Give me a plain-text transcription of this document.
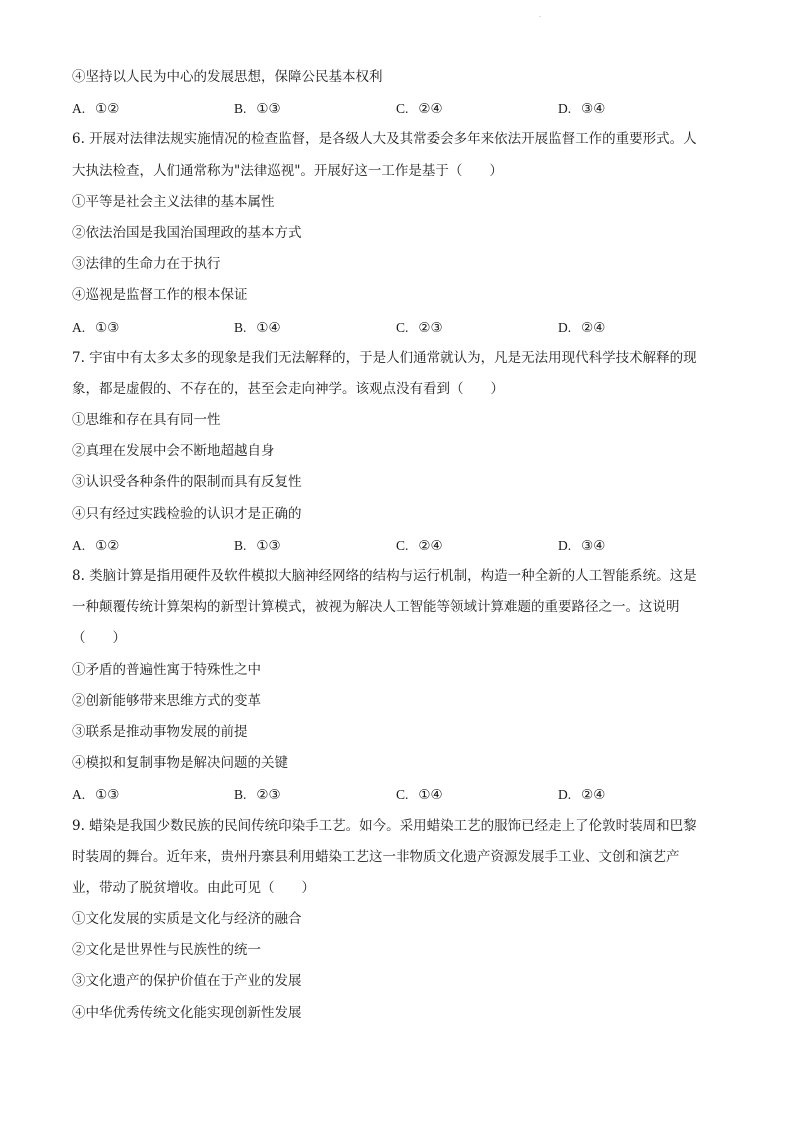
·
④坚持以人民为中心的发展思想，保障公民基本权利
A. ①②	B. ①③	C. ②④	D. ③④
6. 开展对法律法规实施情况的检查监督，是各级人大及其常委会多年来依法开展监督工作的重要形式。人
大执法检查，人们通常称为"法律巡视"。开展好这一工作是基于（　　）
①平等是社会主义法律的基本属性
②依法治国是我国治国理政的基本方式
③法律的生命力在于执行
④巡视是监督工作的根本保证
A. ①③	B. ①④	C. ②③	D. ②④
7. 宇宙中有太多太多的现象是我们无法解释的，于是人们通常就认为，凡是无法用现代科学技术解释的现
象，都是虚假的、不存在的，甚至会走向神学。该观点没有看到（　　）
①思维和存在具有同一性
②真理在发展中会不断地超越自身
③认识受各种条件的限制而具有反复性
④只有经过实践检验的认识才是正确的
A. ①②	B. ①③	C. ②④	D. ③④
8. 类脑计算是指用硬件及软件模拟大脑神经网络的结构与运行机制，构造一种全新的人工智能系统。这是
一种颠覆传统计算架构的新型计算模式，被视为解决人工智能等领域计算难题的重要路径之一。这说明
（　　）
①矛盾的普遍性寓于特殊性之中
②创新能够带来思维方式的变革
③联系是推动事物发展的前提
④模拟和复制事物是解决问题的关键
A. ①③	B. ②③	C. ①④	D. ②④
9. 蜡染是我国少数民族的民间传统印染手工艺。如今。采用蜡染工艺的服饰已经走上了伦敦时装周和巴黎
时装周的舞台。近年来，贵州丹寨县利用蜡染工艺这一非物质文化遗产资源发展手工业、文创和演艺产
业，带动了脱贫增收。由此可见（　　）
①文化发展的实质是文化与经济的融合
②文化是世界性与民族性的统一
③文化遗产的保护价值在于产业的发展
④中华优秀传统文化能实现创新性发展
